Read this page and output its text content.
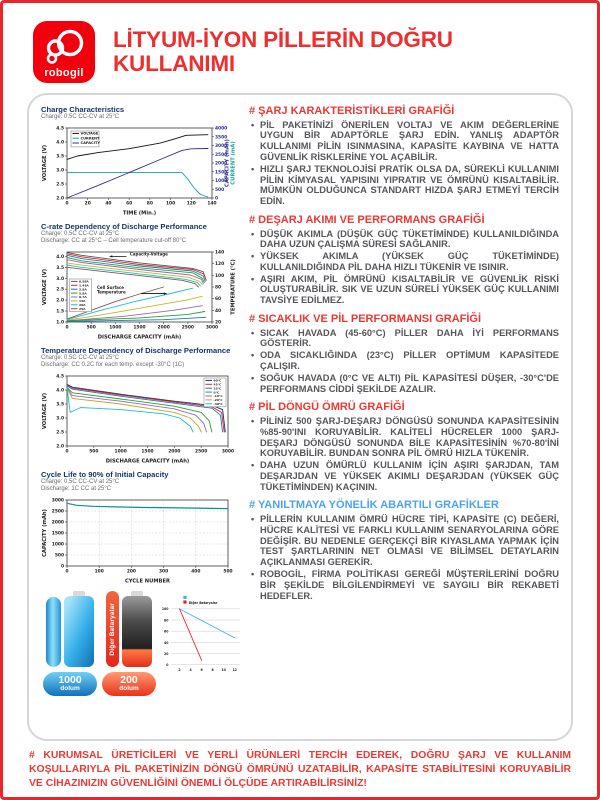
robogil
LİTYUM-İYON PİLLERİN DOĞRU KULLANIMI
Charge Characteristics
Charge: 0.5C CC-CV at 25°C
0	20	40	60	80	100	120	140
2.0
2.5
3.0
3.5
4.0
4.5
0
500
1000
1500
2000
2500
3000
3500
4000
TIME (Min.)
VOLTAGE (V)	CAPACITY (mAh) CURRENT (mA)
VOLTAGE
CURRENT
CAPACITY
C-rate Dependency of Discharge Performance
Charge: 0.5C CC-CV at 25°C
Discharge: CC at 25°C – Cell temperature cut-off 80°C
0	500	1000	1500	2000	2500	3000
1.0
1.5
2.0
2.5
3.0
3.5
4.0
20
40
60
80
100
120
140
DISCHARGE CAPACITY (mAh)
VOLTAGE (V)	TEMPERATURE (°C)
0.58A
1.45A
2.9A
5.8A
8.7A
15A
20A
25A
Capacity-Voltage
Cell Surface
Temperature
Temperature Dependency of Discharge Performance
Charge: 0.5C CC-CV at 25°C
Discharge: CC 0.2C for each temp. except -30°C (1C)
0	500	1000	1500	2000	2500	3000
2.0
2.5
3.0
3.5
4.0
4.5
DISCHARGE CAPACITY (mAh)
VOLTAGE (V)
60°C
45°C
25°C
0°C
-10°C
-20°C
-30°C
Cycle Life to 90% of Initial Capacity
Charge: 0.5C CC-CV at 25°C
Discharge: 1C CC at 25°C
0	100	200	300	400	500
0
500
1000
1500
2000
2500
3000
CYCLE NUMBER
CAPACITY (mAh)
1000
dolum
Diğer Bataryalar
200
dolum
2	4	6	8 10 12
0
20
40
60
80
100
Diğer Bataryalar
# ŞARJ KARAKTERİSTİKLERİ GRAFİĞİ
• PİL PAKETİNİZİ ÖNERİLEN VOLTAJ VE AKIM DEĞERLERİNE UYGUN BİR ADAPTÖRLE ŞARJ EDİN. YANLIŞ ADAPTÖR KULLANIMI PİLİN ISINMASINA, KAPASİTE KAYBINA VE HATTA GÜVENLİK RİSKLERİNE YOL AÇABİLİR.
• HIZLI ŞARJ TEKNOLOJİSİ PRATİK OLSA DA, SÜREKLİ KULLANIMI PİLİN KİMYASAL YAPISINI YIPRATIR VE ÖMRÜNÜ KISALTABİLİR. MÜMKÜN OLDUĞUNCA STANDART HIZDA ŞARJ ETMEYİ TERCİH EDİN.
# DEŞARJ AKIMI VE PERFORMANS GRAFİĞİ
• DÜŞÜK AKIMLA (DÜŞÜK GÜÇ TÜKETİMİNDE) KULLANILDIĞINDA DAHA UZUN ÇALIŞMA SÜRESİ SAĞLANIR.
• YÜKSEK AKIMLA (YÜKSEK GÜÇ TÜKETİMİNDE) KULLANILDIĞINDA PİL DAHA HIZLI TÜKENİR VE ISINIR.
• AŞIRI AKIM, PİL ÖMRÜNÜ KISALTABİLİR VE GÜVENLİK RİSKİ OLUŞTURABİLİR. SIK VE UZUN SÜRELİ YÜKSEK GÜÇ KULLANIMI TAVSİYE EDİLMEZ.
# SICAKLIK VE PİL PERFORMANSI GRAFİĞİ
• SICAK HAVADA (45-60°C) PİLLER DAHA İYİ PERFORMANS GÖSTERİR.
• ODA SICAKLIĞINDA (23°C) PİLLER OPTİMUM KAPASİTEDE ÇALIŞIR.
• SOĞUK HAVADA (0°C VE ALTI) PİL KAPASİTESİ DÜŞER, -30°C'DE PERFORMANS CİDDİ ŞEKİLDE AZALIR.
# PİL DÖNGÜ ÖMRÜ GRAFİĞİ
• PİLİNİZ 500 ŞARJ-DEŞARJ DÖNGÜSÜ SONUNDA KAPASİTESİNİN %85-90'INI KORUYABİLİR. KALİTELİ HÜCRELER 1000 ŞARJ-DEŞARJ DÖNGÜSÜ SONUNDA BİLE KAPASİTESİNİN %70-80'İNİ KORUYABİLİR. BUNDAN SONRA PİL ÖMRÜ HIZLA TÜKENİR.
• DAHA UZUN ÖMÜRLÜ KULLANIM İÇİN AŞIRI ŞARJDAN, TAM DEŞARJDAN VE YÜKSEK AKIMLI DEŞARJDAN (YÜKSEK GÜÇ TÜKETİMİNDEN) KAÇININ.
# YANILTMAYA YÖNELİK ABARTILI GRAFİKLER
• PİLLERİN KULLANIM ÖMRÜ HÜCRE TİPİ, KAPASİTE (C) DEĞERİ, HÜCRE KALİTESİ VE FARKLI KULLANIM SENARYOLARINA GÖRE DEĞİŞİR. BU NEDENLE GERÇEKÇİ BİR KIYASLAMA YAPMAK İÇİN TEST ŞARTLARININ NET OLMASI VE BİLİMSEL DETAYLARIN AÇIKLANMASI GEREKİR.
• ROBOGİL, FİRMA POLİTİKASI GEREĞİ MÜŞTERİLERİNİ DOĞRU BİR ŞEKİLDE BİLGİLENDİRMEYİ VE SAYGILI BİR REKABETİ HEDEFLER.
# KURUMSAL ÜRETİCİLERİ VE YERLİ ÜRÜNLERİ TERCİH EDEREK, DOĞRU ŞARJ VE KULLANIM KOŞULLARIYLA PİL PAKETİNİZİN DÖNGÜ ÖMRÜNÜ UZATABİLİR, KAPASİTE STABİLİTESİNİ KORUYABİLİR VE CİHAZINIZIN GÜVENLİĞİNİ ÖNEMLİ ÖLÇÜDE ARTIRABİLİRSİNİZ!
